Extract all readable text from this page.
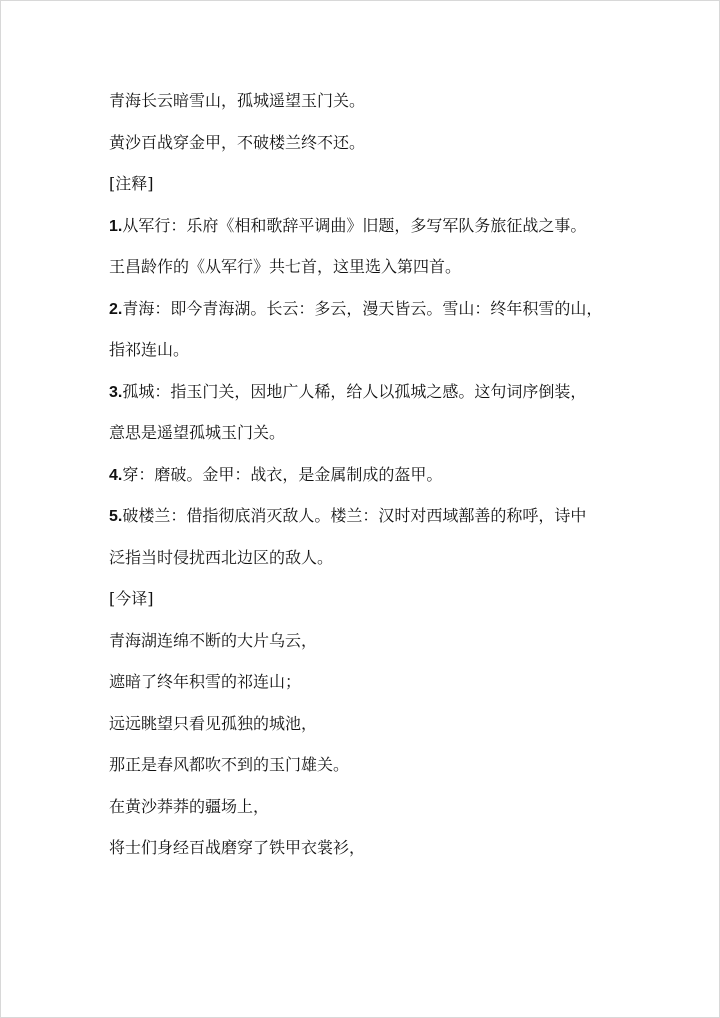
青海长云暗雪山，孤城遥望玉门关。
黄沙百战穿金甲，不破楼兰终不还。
[注释]
1.从军行：乐府《相和歌辞平调曲》旧题，多写军队务旅征战之事。
王昌龄作的《从军行》共七首，这里选入第四首。
2.青海：即今青海湖。长云：多云，漫天皆云。雪山：终年积雪的山，
指祁连山。
3.孤城：指玉门关，因地广人稀，给人以孤城之感。这句词序倒装，
意思是遥望孤城玉门关。
4.穿：磨破。金甲：战衣，是金属制成的盔甲。
5.破楼兰：借指彻底消灭敌人。楼兰：汉时对西域鄯善的称呼，诗中
泛指当时侵扰西北边区的敌人。
[今译]
青海湖连绵不断的大片乌云，
遮暗了终年积雪的祁连山；
远远眺望只看见孤独的城池，
那正是春风都吹不到的玉门雄关。
在黄沙莽莽的疆场上，
将士们身经百战磨穿了铁甲衣裳衫，
